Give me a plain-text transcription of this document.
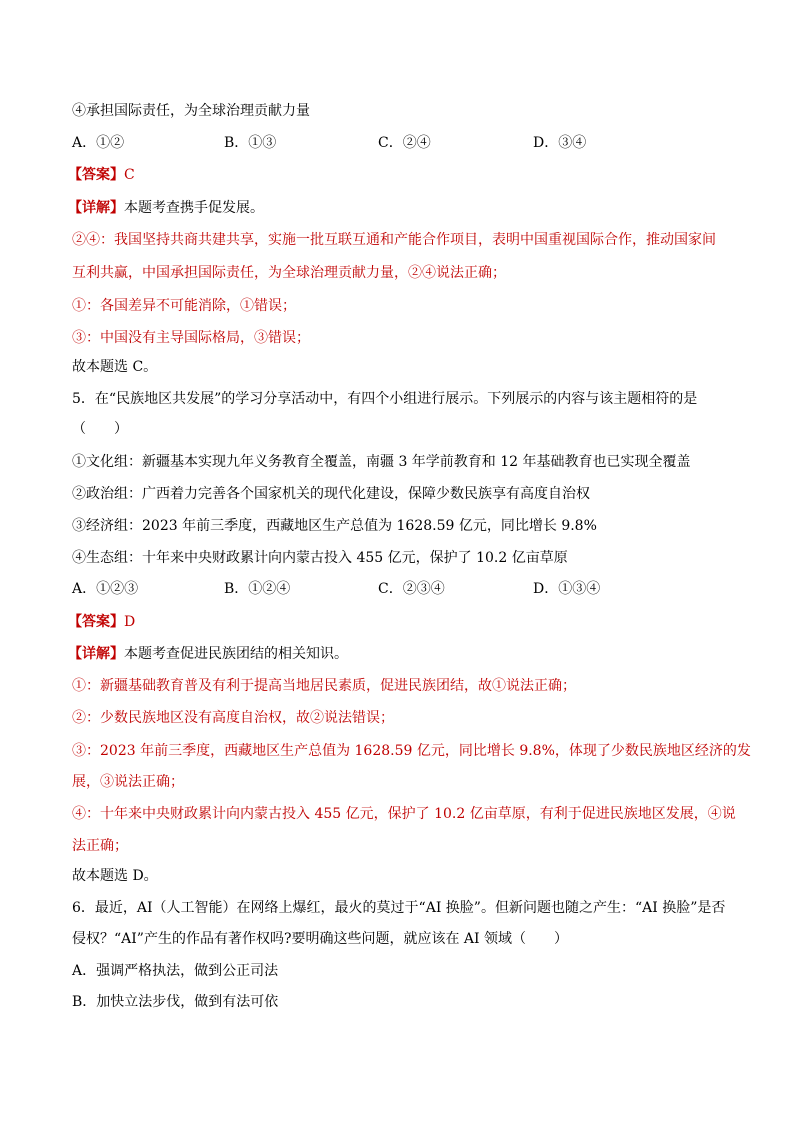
④承担国际责任，为全球治理贡献力量
A．①②	B．①③	C．②④	D．③④
【答案】C
【详解】本题考查携手促发展。
②④：我国坚持共商共建共享，实施一批互联互通和产能合作项目，表明中国重视国际合作，推动国家间
互利共赢，中国承担国际责任，为全球治理贡献力量，②④说法正确；
①：各国差异不可能消除，①错误；
③：中国没有主导国际格局，③错误；
故本题选 C。
5．在“民族地区共发展”的学习分享活动中，有四个小组进行展示。下列展示的内容与该主题相符的是
（　　）
①文化组：新疆基本实现九年义务教育全覆盖，南疆 3 年学前教育和 12 年基础教育也已实现全覆盖
②政治组：广西着力完善各个国家机关的现代化建设，保障少数民族享有高度自治权
③经济组：2023 年前三季度，西藏地区生产总值为 1628.59 亿元，同比增长 9.8%
④生态组：十年来中央财政累计向内蒙古投入 455 亿元，保护了 10.2 亿亩草原
A．①②③	B．①②④	C．②③④	D．①③④
【答案】D
【详解】本题考查促进民族团结的相关知识。
①：新疆基础教育普及有利于提高当地居民素质，促进民族团结，故①说法正确；
②：少数民族地区没有高度自治权，故②说法错误；
③：2023 年前三季度，西藏地区生产总值为 1628.59 亿元，同比增长 9.8%，体现了少数民族地区经济的发
展，③说法正确；
④：十年来中央财政累计向内蒙古投入 455 亿元，保护了 10.2 亿亩草原，有利于促进民族地区发展，④说
法正确；
故本题选 D。
6．最近，AI（人工智能）在网络上爆红，最火的莫过于“AI 换脸”。但新问题也随之产生：“AI 换脸”是否
侵权？“AI”产生的作品有著作权吗?要明确这些问题，就应该在 AI 领域（　　）
A．强调严格执法，做到公正司法
B．加快立法步伐，做到有法可依
